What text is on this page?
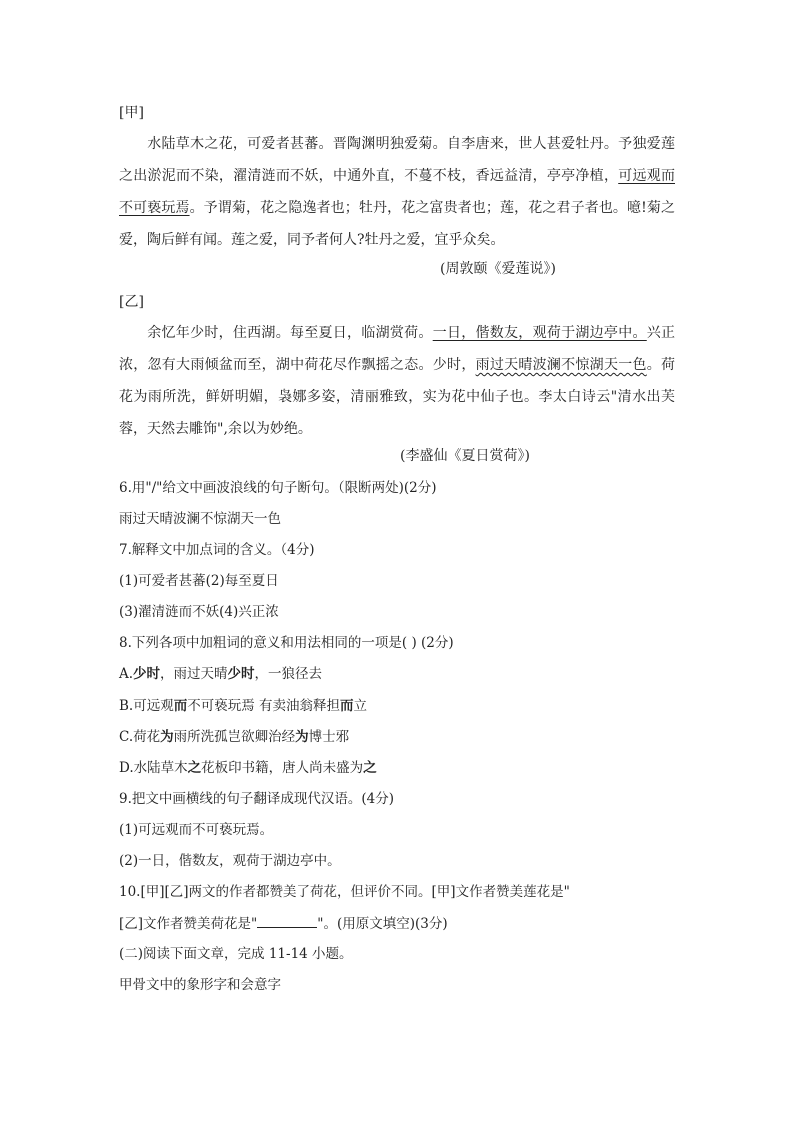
[甲]
水陆草木之花，可爱者甚蕃。晋陶渊明独爱菊。自李唐来，世人甚爱牡丹。予独爱莲之出淤泥而不染，濯清涟而不妖，中通外直，不蔓不枝，香远益清，亭亭净植，可远观而不可亵玩焉。予谓菊，花之隐逸者也；牡丹，花之富贵者也；莲，花之君子者也。噫!菊之爱，陶后鲜有闻。莲之爱，同予者何人?牡丹之爱，宜乎众矣。
(周敦颐《爱莲说》)
[乙]
余忆年少时，住西湖。每至夏日，临湖赏荷。一日，偕数友，观荷于湖边亭中。兴正浓，忽有大雨倾盆而至，湖中荷花尽作飘摇之态。少时，雨过天晴波澜不惊湖天一色。荷花为雨所洗，鲜妍明媚，袅娜多姿，清丽雅致，实为花中仙子也。李太白诗云"清水出芙蓉，天然去雕饰",余以为妙绝。
(李盛仙《夏日赏荷》)
6.用"/"给文中画波浪线的句子断句。（限断两处)(2分)
雨过天晴波澜不惊湖天一色
7.解释文中加点词的含义。（4分)
(1)可爱者甚蕃(2)每至夏日
(3)濯清涟而不妖(4)兴正浓
8.下列各项中加粗词的意义和用法相同的一项是( ) (2分)
A.少时，雨过天晴少时，一狼径去
B.可远观而不可亵玩焉 有卖油翁释担而立
C.荷花为雨所洗孤岂欲卿治经为博士邪
D.水陆草木之花板印书籍，唐人尚未盛为之
9.把文中画横线的句子翻译成现代汉语。(4分)
(1)可远观而不可亵玩焉。
(2)一日，偕数友，观荷于湖边亭中。
10.[甲][乙]两文的作者都赞美了荷花，但评价不同。[甲]文作者赞美莲花是"
[乙]文作者赞美荷花是"	"。(用原文填空)(3分)
(二)阅读下面文章，完成 11-14 小题。
甲骨文中的象形字和会意字
